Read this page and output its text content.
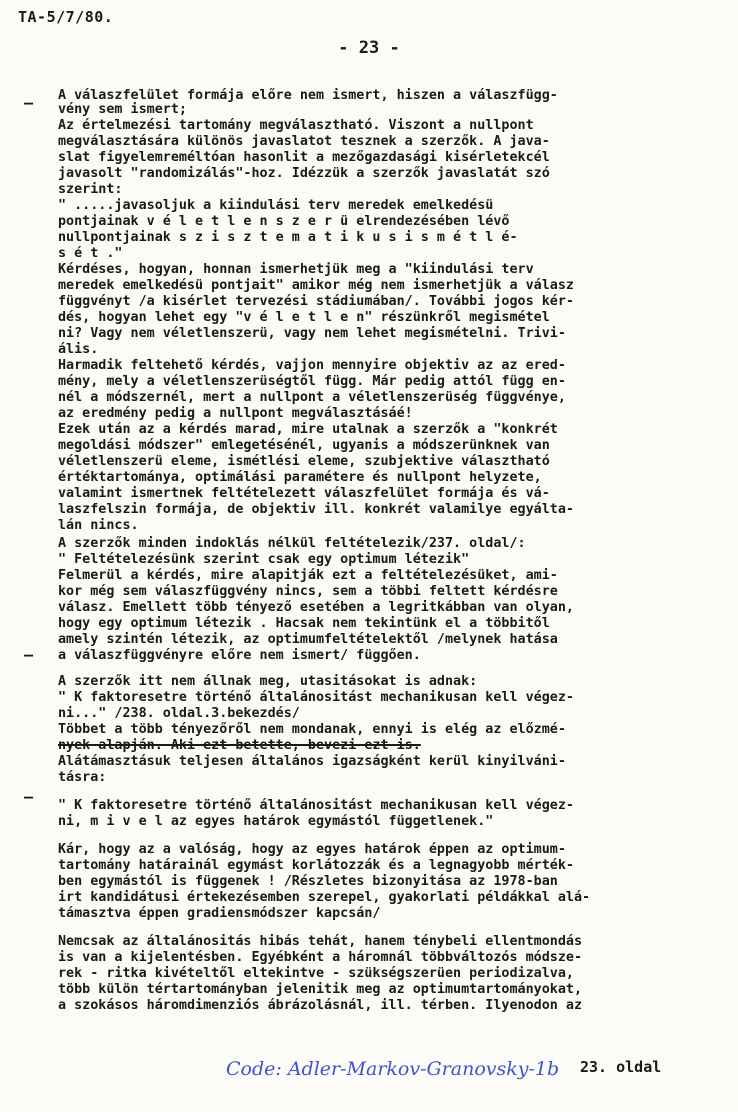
TA-5/7/80.
- 23 -
–
–
–
A válaszfelület formája előre nem ismert, hiszen a válaszfügg-
vény sem ismert;
Az értelmezési tartomány megválasztható. Viszont a nullpont
megválasztására különös javaslatot tesznek a szerzők. A java-
slat figyelemreméltóan hasonlit a mezőgazdasági kisérletekcél
javasolt "randomizálás"-hoz. Idézzük a szerzők javaslatát szó
szerint:
" .....javasoljuk a kiindulási terv meredek emelkedésü
pontjainak v é l e t l e n s z e r ü elrendezésében lévő
nullpontjainak s z i s z t e m a t i k u s i s m é t l é-
s é t ."
Kérdéses, hogyan, honnan ismerhetjük meg a "kiindulási terv
meredek emelkedésü pontjait" amikor még nem ismerhetjük a válasz
függvényt /a kisérlet tervezési stádiumában/. További jogos kér-
dés, hogyan lehet egy "v é l e t l e n" részünkről megismétel
ni? Vagy nem véletlenszerü, vagy nem lehet megismételni. Trivi-
ális.
Harmadik feltehető kérdés, vajjon mennyire objektiv az az ered-
mény, mely a véletlenszerüségtől függ. Már pedig attól függ en-
nél a módszernél, mert a nullpont a véletlenszerüség függvénye,
az eredmény pedig a nullpont megválasztásáé!
Ezek után az a kérdés marad, mire utalnak a szerzők a "konkrét
megoldási módszer" emlegetésénél, ugyanis a módszerünknek van
véletlenszerü eleme, ismétlési eleme, szubjektive választható
értéktartománya, optimálási paramétere és nullpont helyzete,
valamint ismertnek feltételezett válaszfelület formája és vá-
laszfelszin formája, de objektiv ill. konkrét valamilye egyálta-
lán nincs.
A szerzők minden indoklás nélkül feltételezik/237. oldal/:
" Feltételezésünk szerint csak egy optimum létezik"
Felmerül a kérdés, mire alapitják ezt a feltételezésüket, ami-
kor még sem válaszfüggvény nincs, sem a többi feltett kérdésre
válasz. Emellett több tényező esetében a legritkábban van olyan,
hogy egy optimum létezik . Hacsak nem tekintünk el a többitől
amely szintén létezik, az optimumfeltételektől /melynek hatása
a válaszfüggvényre előre nem ismert/ függően.
A szerzők itt nem állnak meg, utasitásokat is adnak:
" K faktoresetre történő általánositást mechanikusan kell végez-
ni..." /238. oldal.3.bekezdés/
Többet a több tényezőről nem mondanak, ennyi is elég az előzmé-
nyek alapján. Aki ezt betette, bevezi ezt is.
Alátámasztásuk teljesen általános igazságként kerül kinyilváni-
tásra:
" K faktoresetre történő általánositást mechanikusan kell végez-
ni, m i v e l az egyes határok egymástól függetlenek."
Kár, hogy az a valóság, hogy az egyes határok éppen az optimum-
tartomány határainál egymást korlátozzák és a legnagyobb mérték-
ben egymástól is függenek ! /Részletes bizonyitása az 1978-ban
irt kandidátusi értekezésemben szerepel, gyakorlati példákkal alá-
támasztva éppen gradiensmódszer kapcsán/
Nemcsak az általánositás hibás tehát, hanem ténybeli ellentmondás
is van a kijelentésben. Egyébként a háromnál többváltozós módsze-
rek - ritka kivételtől eltekintve - szükségszerüen periodizalva,
több külön tértartományban jelenitik meg az optimumtartományokat,
a szokásos háromdimenziós ábrázolásnál, ill. térben. Ilyenodon az
Code: Adler-Markov-Granovsky-1b 23. oldal
